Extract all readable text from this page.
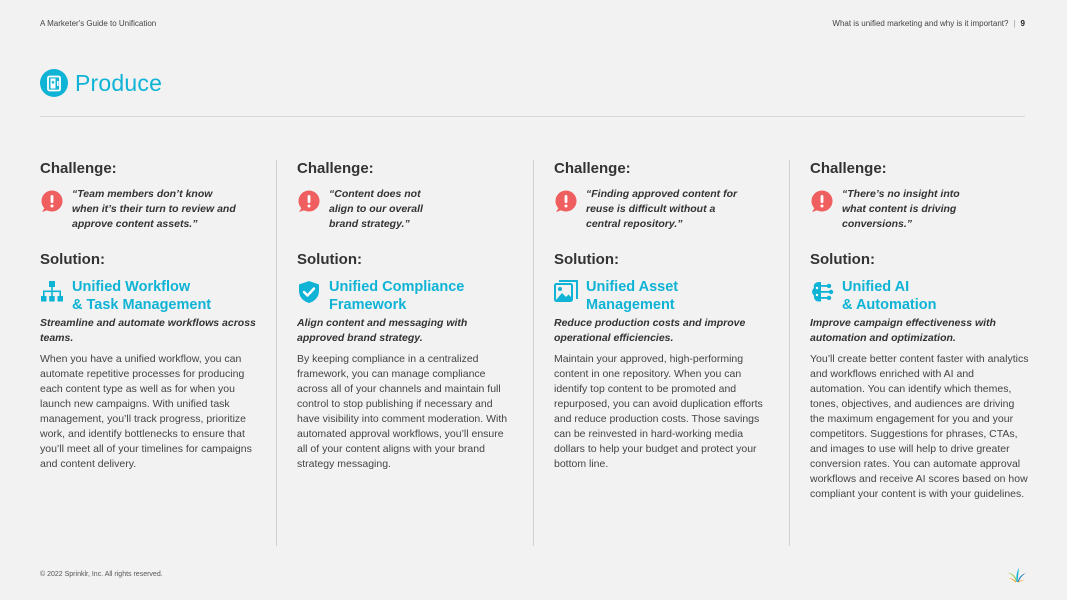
A Marketer's Guide to Unification	What is unified marketing and why is it important? | 9
Produce
Challenge:
“Team members don’t know
when it’s their turn to review and
approve content assets.”
Solution:
Unified Workflow
& Task Management
Streamline and automate workflows across teams.
When you have a unified workflow, you can automate repetitive processes for producing each content type as well as for when you launch new campaigns. With unified task management, you’ll track progress, prioritize work, and identify bottlenecks to ensure that you’ll meet all of your timelines for campaigns and content delivery.
Challenge:
“Content does not
align to our overall
brand strategy.”
Solution:
Unified Compliance
Framework
Align content and messaging with approved brand strategy.
By keeping compliance in a centralized framework, you can manage compliance across all of your channels and maintain full control to stop publishing if necessary and have visibility into comment moderation. With automated approval workflows, you’ll ensure all of your content aligns with your brand strategy messaging.
Challenge:
“Finding approved content for
reuse is difficult without a
central repository.”
Solution:
Unified Asset
Management
Reduce production costs and improve operational efficiencies.
Maintain your approved, high-performing content in one repository. When you can identify top content to be promoted and repurposed, you can avoid duplication efforts and reduce production costs. Those savings can be reinvested in hard-working media dollars to help your budget and protect your bottom line.
Challenge:
“There’s no insight into
what content is driving
conversions.”
Solution:
Unified AI
& Automation
Improve campaign effectiveness with automation and optimization.
You’ll create better content faster with analytics and workflows enriched with AI and automation. You can identify which themes, tones, objectives, and audiences are driving the maximum engagement for you and your competitors. Suggestions for phrases, CTAs, and images to use will help to drive greater conversion rates. You can automate approval workflows and receive AI scores based on how compliant your content is with your guidelines.
© 2022 Sprinklr, Inc. All rights reserved.
